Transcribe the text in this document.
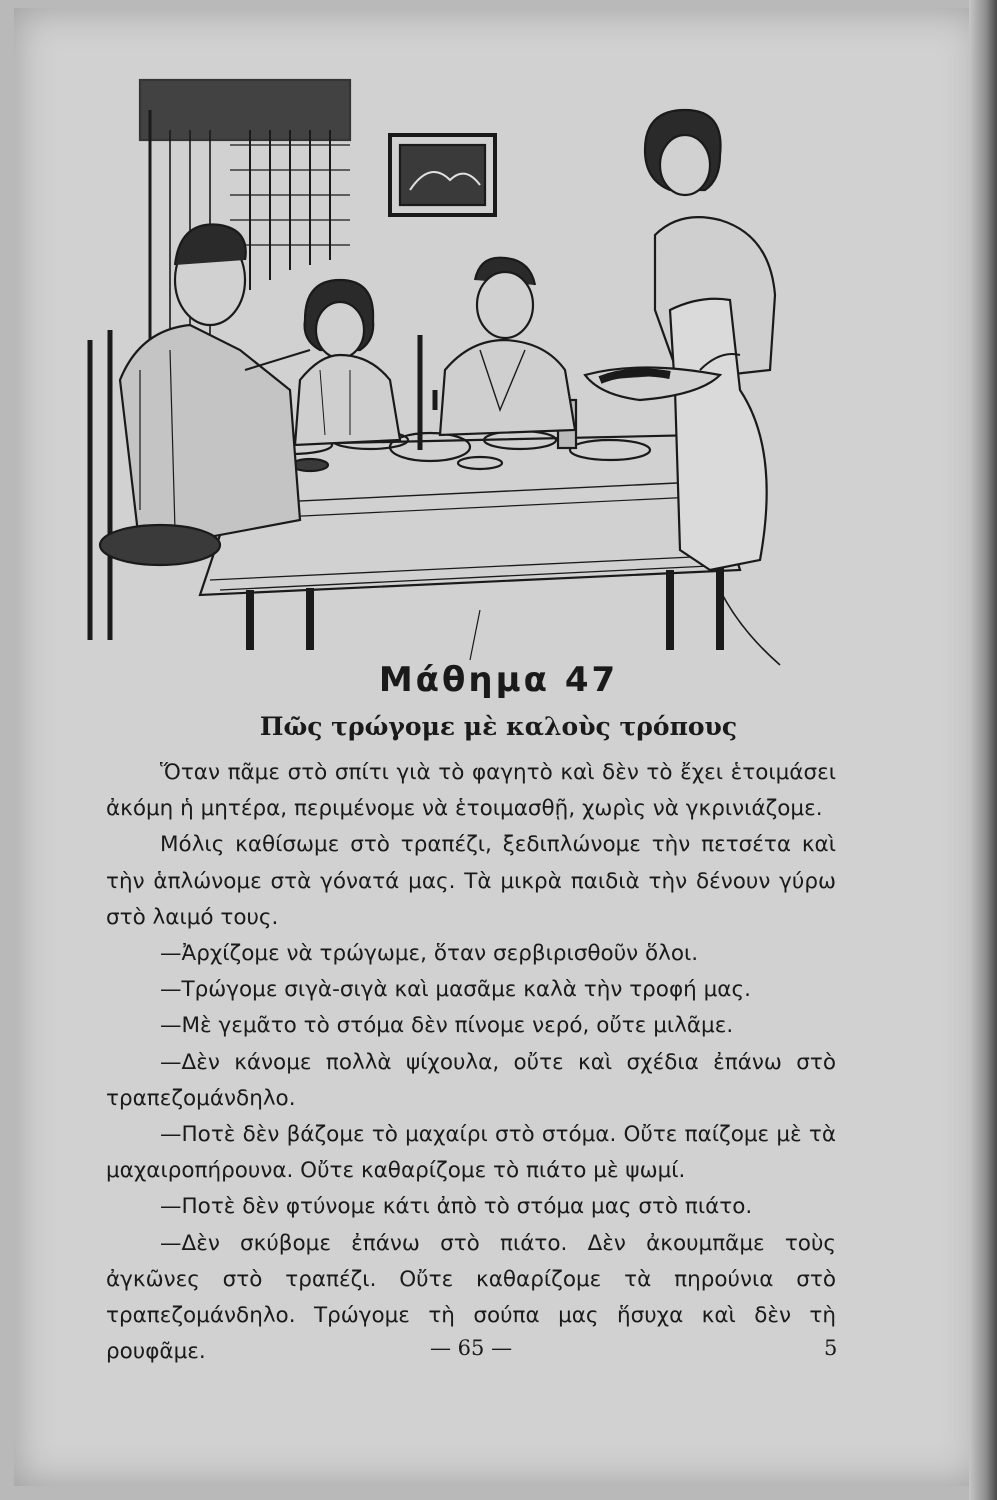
Μάθημα 47
Πῶς τρώγομε μὲ καλοὺς τρόπους

Ὅταν πᾶμε στὸ σπίτι γιὰ τὸ φαγητὸ καὶ δὲν τὸ ἔχει ἑτοιμάσει ἀκόμη ἡ μητέρα, περιμένομε νὰ ἑτοιμασθῇ, χωρὶς νὰ γκρινιάζομε.

Μόλις καθίσωμε στὸ τραπέζι, ξεδιπλώνομε τὴν πετσέτα καὶ τὴν ἁπλώνομε στὰ γόνατά μας. Τὰ μικρὰ παιδιὰ τὴν δένουν γύρω στὸ λαιμό τους.

—Ἀρχίζομε νὰ τρώγωμε, ὅταν σερβιρισθοῦν ὅλοι.

—Τρώγομε σιγὰ-σιγὰ καὶ μασᾶμε καλὰ τὴν τροφή μας.

—Μὲ γεμᾶτο τὸ στόμα δὲν πίνομε νερό, οὔτε μιλᾶμε.

—Δὲν κάνομε πολλὰ ψίχουλα, οὔτε καὶ σχέδια ἐπάνω στὸ τραπεζομάνδηλο.

—Ποτὲ δὲν βάζομε τὸ μαχαίρι στὸ στόμα. Οὔτε παίζομε μὲ τὰ μαχαιροπήρουνα. Οὔτε καθαρίζομε τὸ πιάτο μὲ ψωμί.

—Ποτὲ δὲν φτύνομε κάτι ἀπὸ τὸ στόμα μας στὸ πιάτο.

—Δὲν σκύβομε ἐπάνω στὸ πιάτο. Δὲν ἀκουμπᾶμε τοὺς ἀγκῶνες στὸ τραπέζι. Οὔτε καθαρίζομε τὰ πηρούνια στὸ τραπεζομάνδηλο. Τρώγομε τὴ σούπα μας ἥσυχα καὶ δὲν τὴ ρουφᾶμε.	— 65 —	5
